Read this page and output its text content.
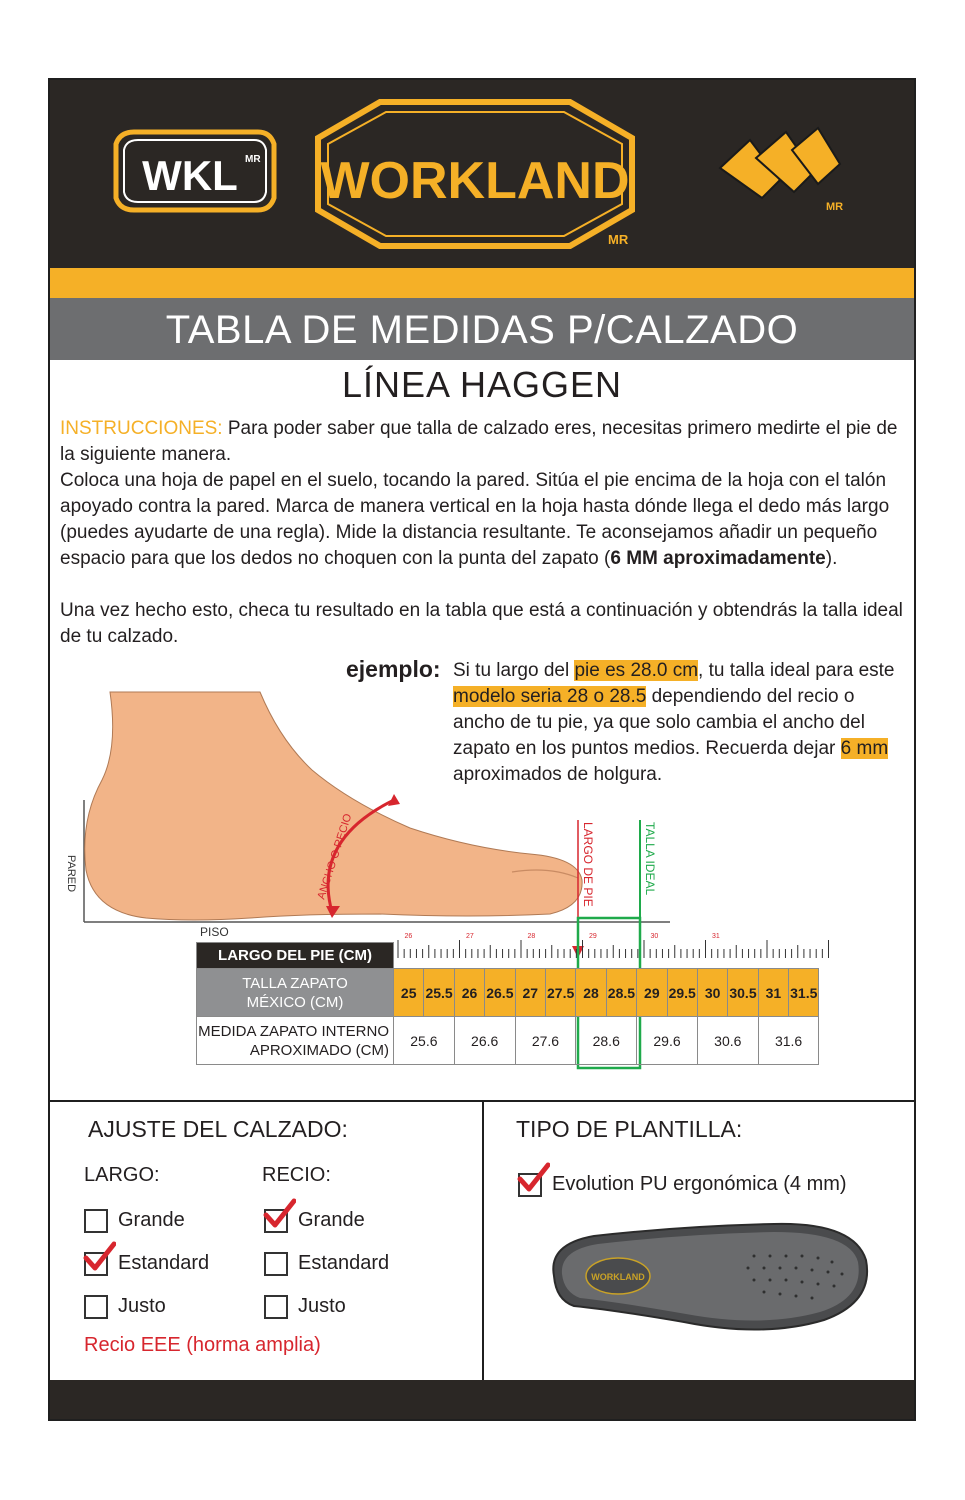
WKL MR WORKLAND
MR
MR
TABLA DE MEDIDAS P/CALZADO
LÍNEA HAGGEN
INSTRUCCIONES: Para poder saber que talla de calzado eres, necesitas primero medirte el pie de la siguiente manera.
Coloca una hoja de papel en el suelo, tocando la pared. Sitúa el pie encima de la hoja con el talón apoyado contra la pared. Marca de manera vertical en la hoja hasta dónde llega el dedo más largo (puedes ayudarte de una regla). Mide la distancia resultante. Te aconsejamos añadir un pequeño espacio para que los dedos no choquen con la punta del zapato (6 MM aproximadamente).
Una vez hecho esto, checa tu resultado en la tabla que está a continuación y obtendrás la talla ideal de tu calzado.
ejemplo: Si tu largo del pie es 28.0 cm, tu talla ideal para este modelo seria 28 o 28.5 dependiendo del recio o ancho de tu pie, ya que solo cambia el ancho del zapato en los puntos medios. Recuerda dejar 6 mm aproximados de holgura.
PARED
PISO
ANCHO O RECIO	LARGO DE PIE	TALLA IDEAL
26	27	28	29	30	31
LARGO DEL PIE (CM)														
TALLA ZAPATO
MÉXICO (CM)	25	25.5	26	26.5	27	27.5	28	28.5	29	29.5	30	30.5	31	31.5
MEDIDA ZAPATO INTERNO
APROXIMADO (CM)	25.6		26.6		27.6		28.6		29.6		30.6		31.6	
AJUSTE DEL CALZADO:
LARGO:	RECIO:
Grande
Estandard
Justo
Grande
Estandard
Justo
Recio EEE (horma amplia)
TIPO DE PLANTILLA:
Evolution PU ergonómica (4 mm)
WORKLAND
